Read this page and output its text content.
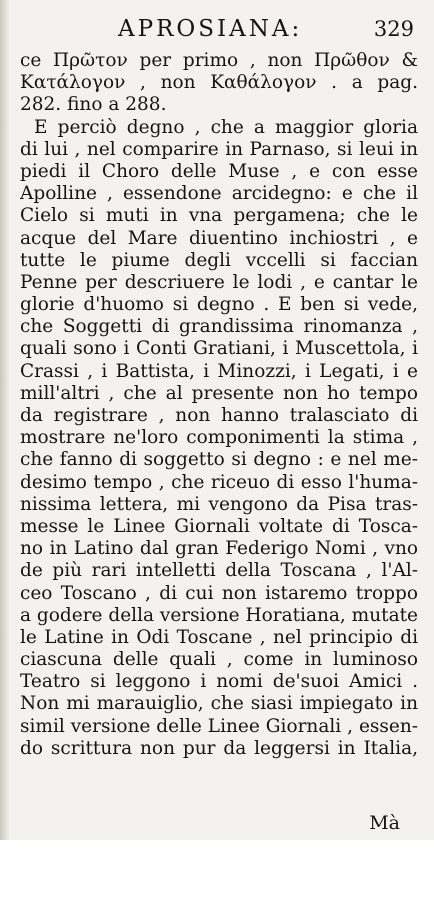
APROSIANA:	329
ce Πρῶτον per primo , non Πρῶθον &
Κατάλογον , non Καθάλογον . a pag.
282. fino a 288.
E perciò degno , che a maggior gloria
di lui , nel comparire in Parnaso, si leui in
piedi il Choro delle Muse , e con esse
Apolline , essendone arcidegno: e che il
Cielo si muti in vna pergamena; che le
acque del Mare diuentino inchiostri , e
tutte le piume degli vccelli si faccian
Penne per descriuere le lodi , e cantar le
glorie d'huomo si degno . E ben si vede,
che Soggetti di grandissima rinomanza ,
quali sono i Conti Gratiani, i Muscettola, i
Crassi , i Battista, i Minozzi, i Legati, i e
mill'altri , che al presente non ho tempo
da registrare , non hanno tralasciato di
mostrare ne'loro componimenti la stima ,
che fanno di soggetto si degno : e nel me-
desimo tempo , che riceuo di esso l'huma-
nissima lettera, mi vengono da Pisa tras-
messe le Linee Giornali voltate di Tosca-
no in Latino dal gran Federigo Nomi , vno
de più rari intelletti della Toscana , l'Al-
ceo Toscano , di cui non istaremo troppo
a godere della versione Horatiana, mutate
le Latine in Odi Toscane , nel principio di
ciascuna delle quali , come in luminoso
Teatro si leggono i nomi de'suoi Amici .
Non mi marauiglio, che siasi impiegato in
simil versione delle Linee Giornali , essen-
do scrittura non pur da leggersi in Italia,
Mà
